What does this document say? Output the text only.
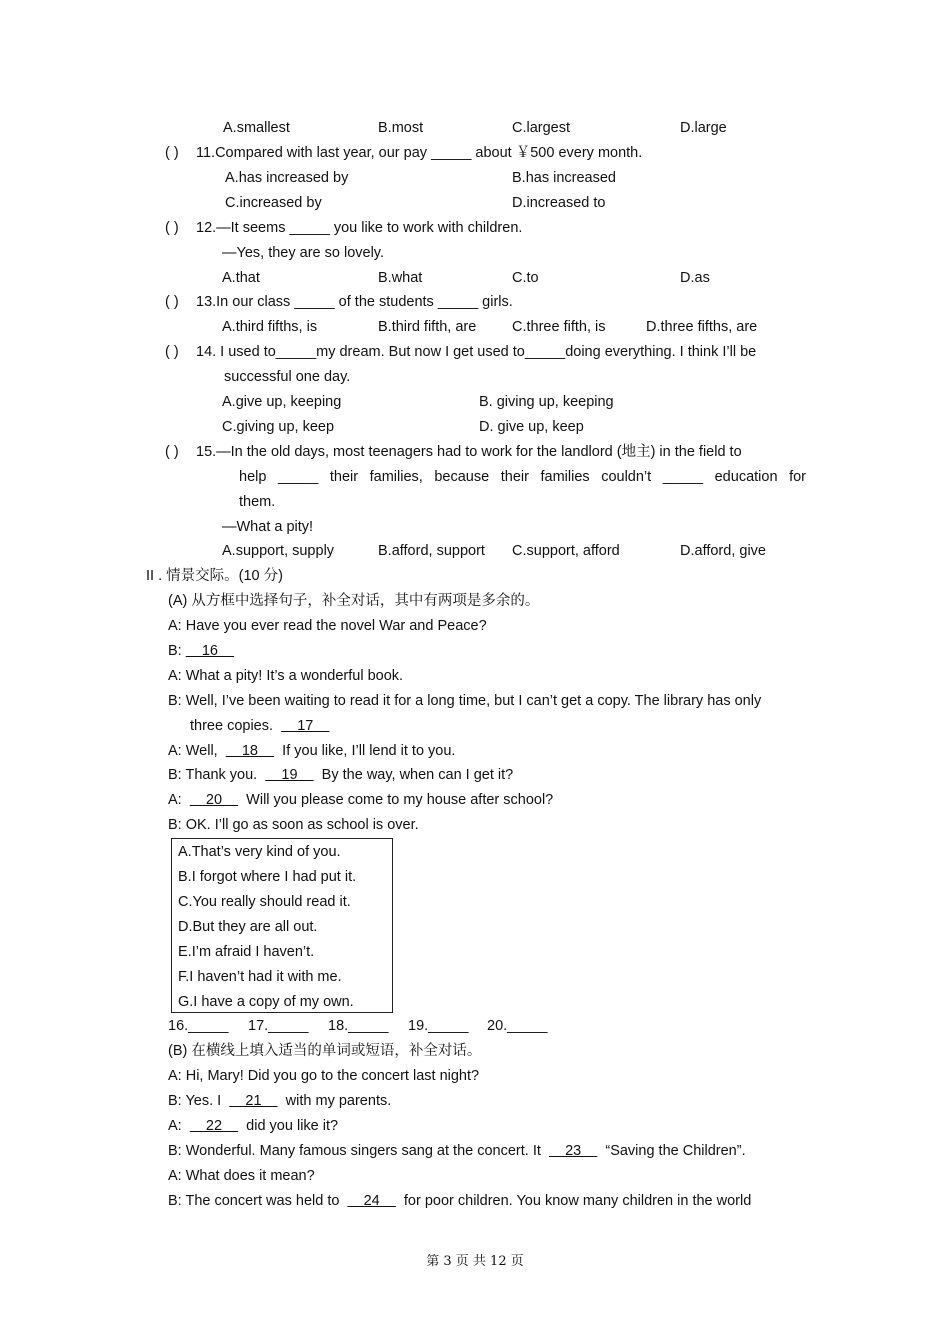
A.smallest	B.most	C.largest	D.large
( ) 11.Compared with last year, our pay _____ about ￥500 every month.
A.has increased by	B.has increased
C.increased by	D.increased to
( ) 12.—It seems _____ you like to work with children.
—Yes, they are so lovely.
A.that	B.what	C.to	D.as
( ) 13.In our class _____ of the students _____ girls.
A.third fifths, is	B.third fifth, are C.three fifth, is	D.three fifths, are
( ) 14. I used to_____my dream. But now I get used to_____doing everything. I think I’ll be
successful one day.
A.give up, keeping	B. giving up, keeping
C.giving up, keep	D. give up, keep
( ) 15.—In the old days, most teenagers had to work for the landlord (地主) in the field to
help _____ their families, because their families couldn’t _____ education for
them.
—What a pity!
A.support, supply	B.afford, support C.support, afford	D.afford, give
II . 情景交际。(10 分)
(A) 从方框中选择句子，补全对话，其中有两项是多余的。
A: Have you ever read the novel War and Peace?
B:     16
A: What a pity! It’s a wonderful book.
B: Well, I’ve been waiting to read it for a long time, but I can’t get a copy. The library has only
three copies.      17
A: Well,      18      If you like, I’ll lend it to you.
B: Thank you.      19      By the way, when can I get it?
A:      20      Will you please come to my house after school?
B: OK. I’ll go as soon as school is over.
A.That’s very kind of you.
B.I forgot where I had put it.
C.You really should read it.
D.But they are all out.
E.I’m afraid I haven’t.
F.I haven’t had it with me.
G.I have a copy of my own.
16._____ 17._____ 18._____ 19._____ 20._____
(B) 在横线上填入适当的单词或短语，补全对话。
A: Hi, Mary! Did you go to the concert last night?
B: Yes. I      21      with my parents.
A:      22      did you like it?
B: Wonderful. Many famous singers sang at the concert. It      23      “Saving the Children”.
A: What does it mean?
B: The concert was held to      24      for poor children. You know many children in the world
第 3 页 共 12 页
